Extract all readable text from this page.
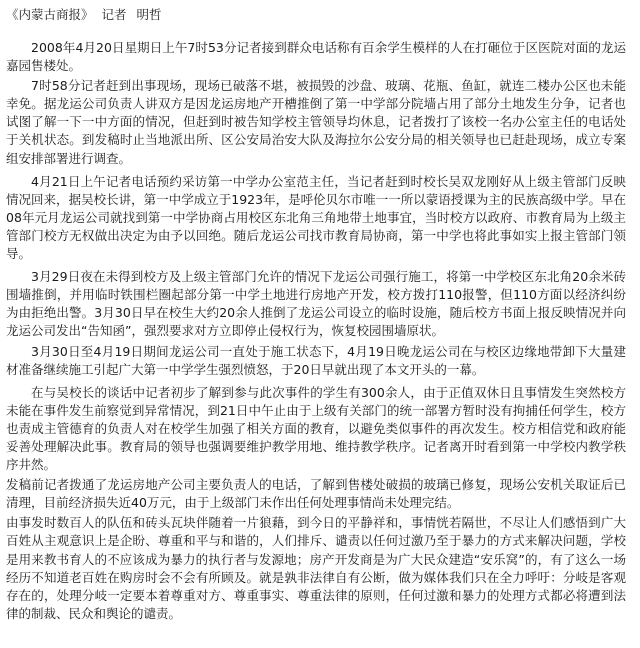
《内蒙古商报》 记者 明哲

2008年4月20日星期日上午7时53分记者接到群众电话称有百余学生模样的人在打砸位于区医院对面的龙运嘉园售楼处。

7时58分记者赶到出事现场，现场已破落不堪，被损毁的沙盘、玻璃、花瓶、鱼缸，就连二楼办公区也未能幸免。据龙运公司负责人讲双方是因龙运房地产开槽推倒了第一中学部分院墙占用了部分土地发生分争，记者也试图了解一下一中方面的情况，但赶到时被告知学校主管领导均休息，记者拨打了该校一名办公室主任的电话处于关机状态。到发稿时止当地派出所、区公安局治安大队及海拉尔公安分局的相关领导也已赶赴现场，成立专案组安排部署进行调查。

4月21日上午记者电话预约采访第一中学办公室范主任，当记者赶到时校长吴双龙刚好从上级主管部门反映情况回来，据吴校长讲，第一中学成立于1923年，是呼伦贝尔市唯一一所以蒙语授课为主的民族高级中学。早在08年元月龙运公司就找到第一中学协商占用校区东北角三角地带土地事宜，当时校方以政府、市教育局为上级主管部门校方无权做出决定为由予以回绝。随后龙运公司找市教育局协商，第一中学也将此事如实上报主管部门领导。

3月29日夜在未得到校方及上级主管部门允许的情况下龙运公司强行施工，将第一中学校区东北角20余米砖围墙推倒，并用临时铁围栏圈起部分第一中学土地进行房地产开发，校方拨打110报警，但110方面以经济纠纷为由拒绝出警。3月30日早在校生大约20余人推倒了龙运公司设立的临时设施，随后校方书面上报反映情况并向龙运公司发出“告知函”，强烈要求对方立即停止侵权行为，恢复校园围墙原状。

3月30日至4月19日期间龙运公司一直处于施工状态下，4月19日晚龙运公司在与校区边缘地带卸下大量建材准备继续施工引起广大第一中学学生强烈愤怒，于20日早就出现了本文开头的一幕。

在与吴校长的谈话中记者初步了解到参与此次事件的学生有300余人，由于正值双休日且事情发生突然校方未能在事件发生前察觉到异常情况，到21日中午止由于上级有关部门的统一部署方暂时没有拘捕任何学生，校方也责成主管德育的负责人对在校学生加强了相关方面的教育，以避免类似事件的再次发生。校方相信党和政府能妥善处理解决此事。教育局的领导也强调要维护教学用地、维持教学秩序。记者离开时看到第一中学校内教学秩序井然。

发稿前记者拨通了龙运房地产公司主要负责人的电话，了解到售楼处破损的玻璃已修复，现场公安机关取证后已清理，目前经济损失近40万元，由于上级部门未作出任何处理事情尚未处理完结。

由事发时数百人的队伍和砖头瓦块伴随着一片狼藉，到今日的平静祥和，事情恍若隔世，不尽让人们感悟到广大百姓从主观意识上是企盼、尊重和平与和谐的，人们排斥、谴责以任何过激乃至于暴力的方式来解决问题，学校是用来教书育人的不应该成为暴力的执行者与发源地；房产开发商是为广大民众建造“安乐窝”的，有了这么一场经历不知道老百姓在购房时会不会有所顾及。就是孰非法律自有公断，做为媒体我们只在全力呼吁：分岐是客观存在的，处理分岐一定要本着尊重对方、尊重事实、尊重法律的原则，任何过激和暴力的处理方式都必将遭到法律的制裁、民众和舆论的谴责。
